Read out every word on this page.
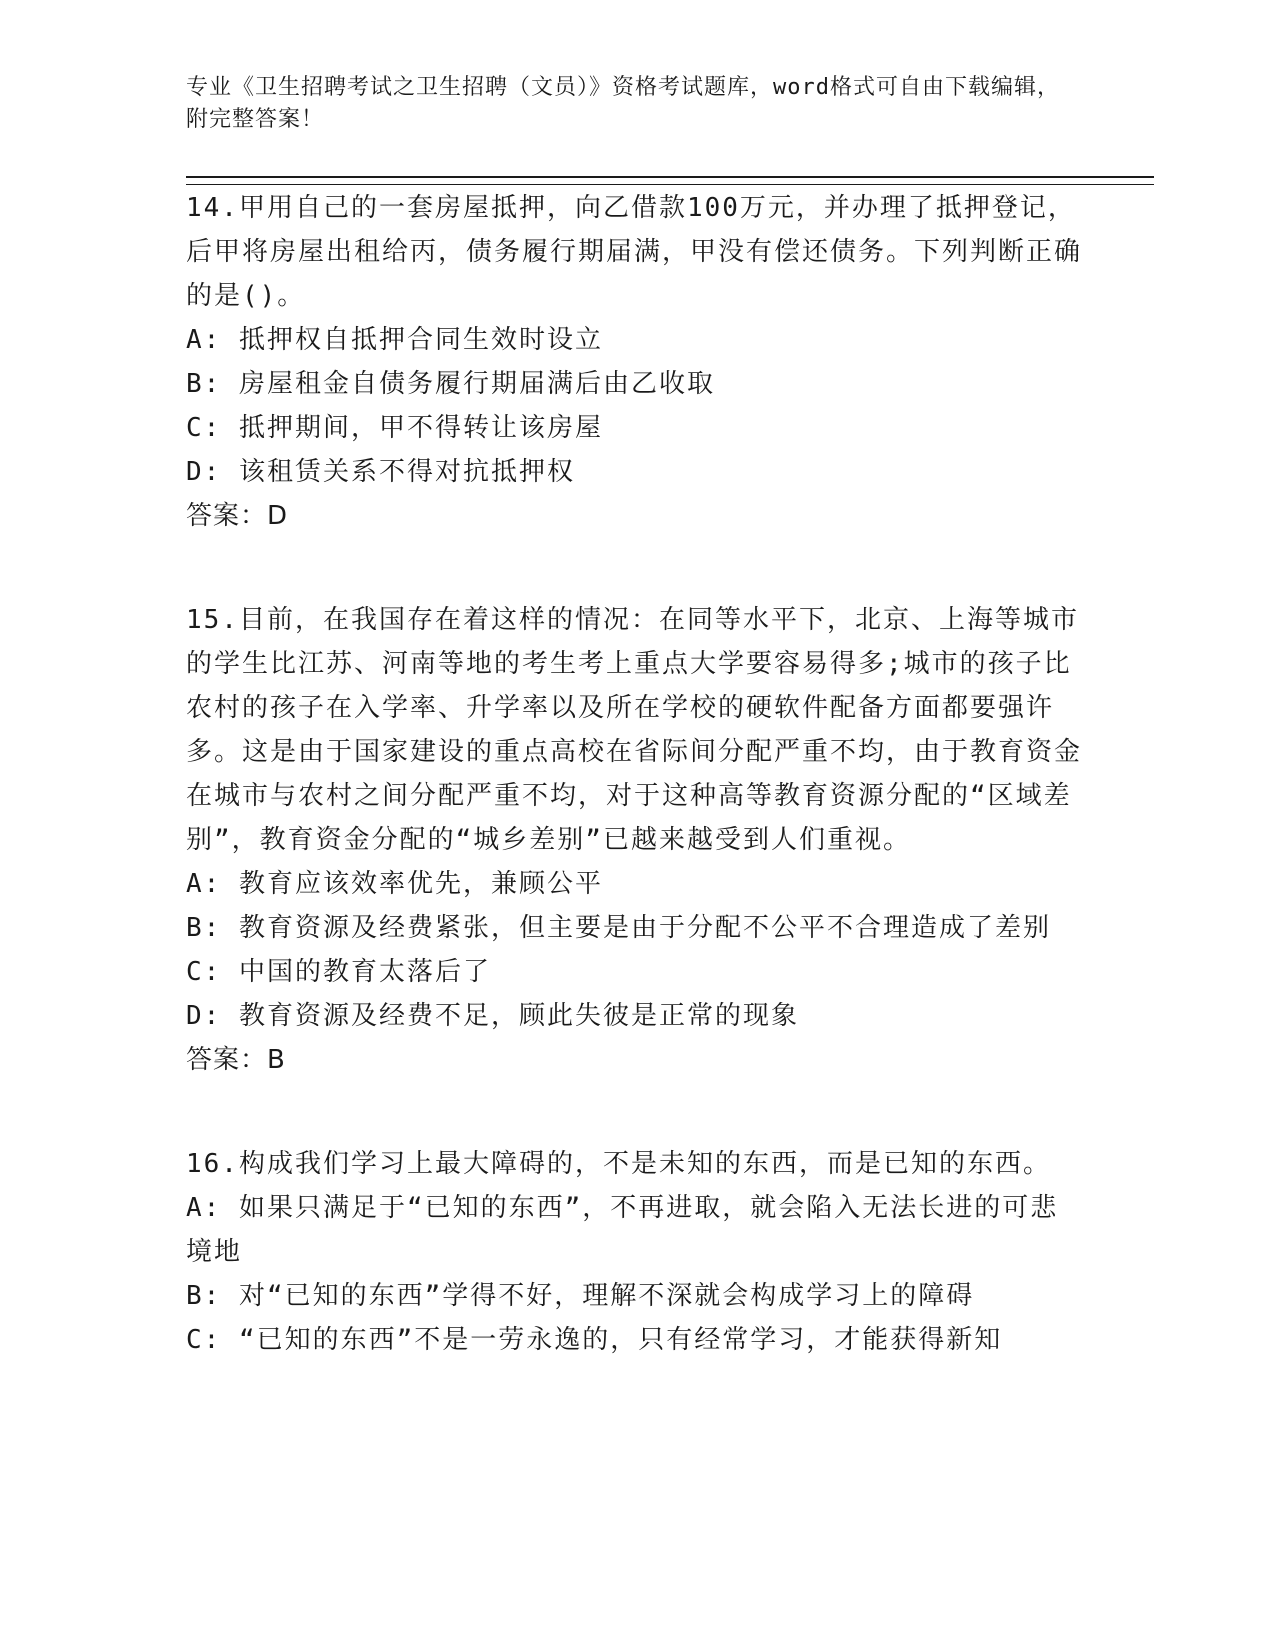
专业《卫生招聘考试之卫生招聘（文员）》资格考试题库，word格式可自由下载编辑，附完整答案！

14.甲用自己的一套房屋抵押，向乙借款100万元，并办理了抵押登记，后甲将房屋出租给丙，债务履行期届满，甲没有偿还债务。下列判断正确的是()。

A: 抵押权自抵押合同生效时设立

B: 房屋租金自债务履行期届满后由乙收取

C: 抵押期间，甲不得转让该房屋

D: 该租赁关系不得对抗抵押权

答案：D

15.目前，在我国存在着这样的情况：在同等水平下，北京、上海等城市的学生比江苏、河南等地的考生考上重点大学要容易得多;城市的孩子比农村的孩子在入学率、升学率以及所在学校的硬软件配备方面都要强许多。这是由于国家建设的重点高校在省际间分配严重不均，由于教育资金在城市与农村之间分配严重不均，对于这种高等教育资源分配的“区域差别”，教育资金分配的“城乡差别”已越来越受到人们重视。

A: 教育应该效率优先，兼顾公平

B: 教育资源及经费紧张，但主要是由于分配不公平不合理造成了差别

C: 中国的教育太落后了

D: 教育资源及经费不足，顾此失彼是正常的现象

答案：B

16.构成我们学习上最大障碍的，不是未知的东西，而是已知的东西。

A: 如果只满足于“已知的东西”，不再进取，就会陷入无法长进的可悲境地

B: 对“已知的东西”学得不好，理解不深就会构成学习上的障碍

C: “已知的东西”不是一劳永逸的，只有经常学习，才能获得新知
